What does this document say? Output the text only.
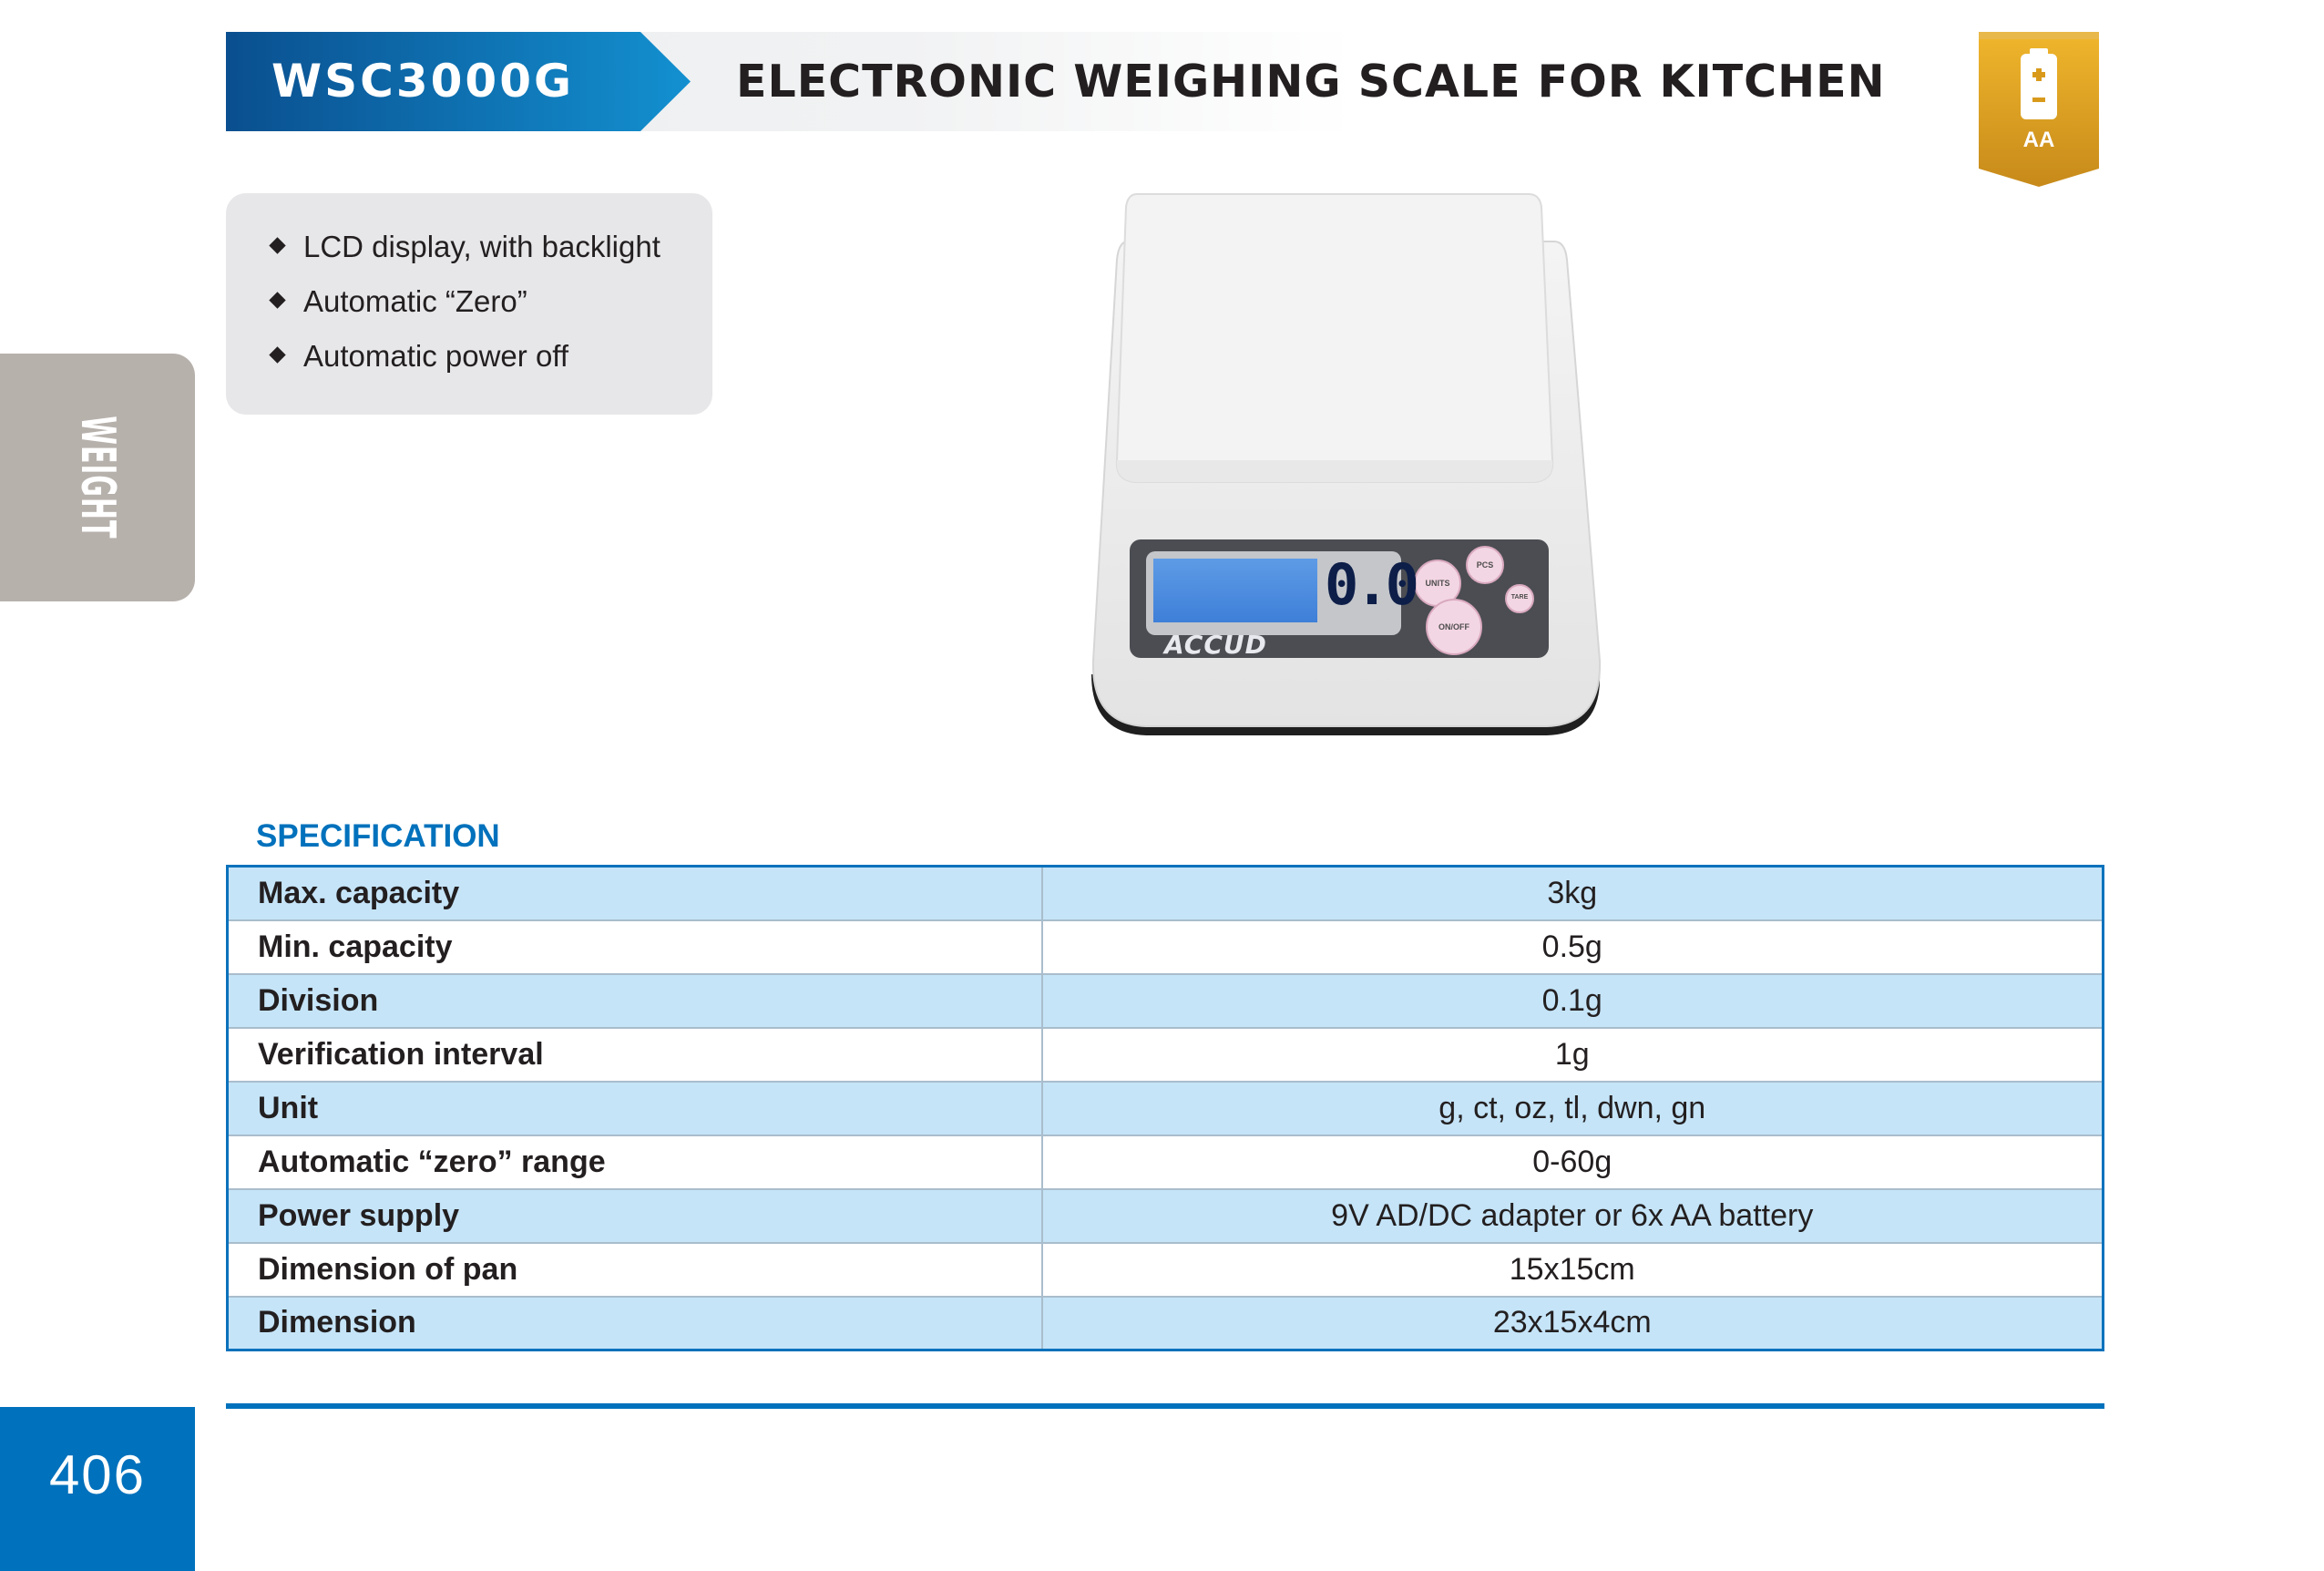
WSC3000G	ELECTRONIC WEIGHING SCALE FOR KITCHEN
AA
LCD display, with backlight
Automatic “Zero”
Automatic power off
WEIGHT
0.0
ACCUD
UNITS
PCS
TARE
ON/OFF
SPECIFICATION
Max. capacity	3kg
Min. capacity	0.5g
Division	0.1g
Verification interval	1g
Unit	g, ct, oz, tl, dwn, gn
Automatic “zero” range	0-60g
Power supply	9V AD/DC adapter or 6x AA battery
Dimension of pan	15x15cm
Dimension	23x15x4cm
406
